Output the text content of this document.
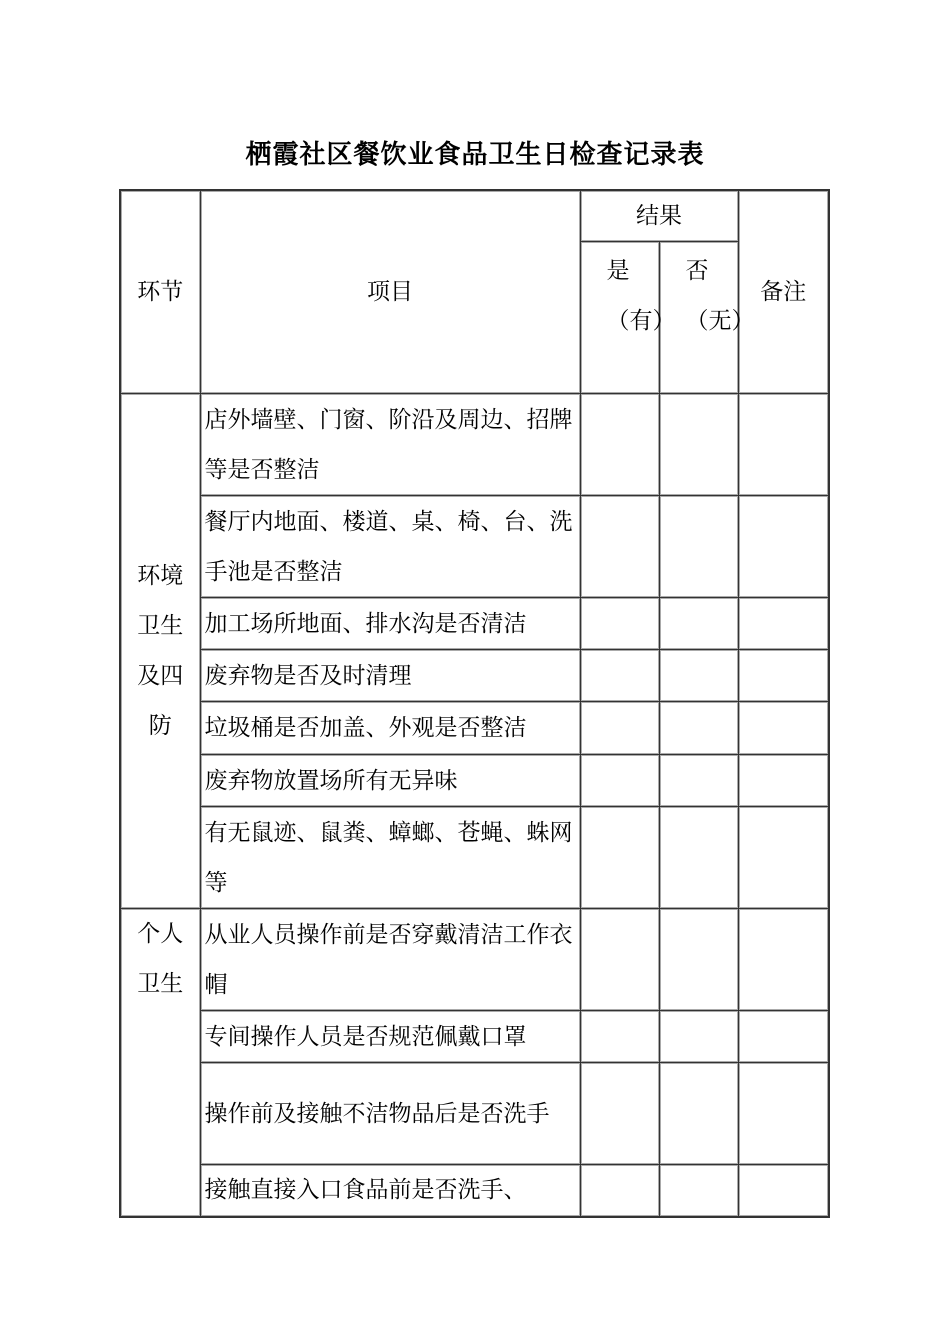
栖霞社区餐饮业食品卫生日检查记录表
环节	项目	结果		备注

		是（有）	否（无）	

环境卫生及四防	店外墙壁、门窗、阶沿及周边、招牌等是否整洁			
	餐厅内地面、楼道、桌、椅、台、洗手池是否整洁			
	加工场所地面、排水沟是否清洁			
	废弃物是否及时清理			
	垃圾桶是否加盖、外观是否整洁			
	废弃物放置场所有无异味			
	有无鼠迹、鼠粪、蟑螂、苍蝇、蛛网等			

个人卫生	从业人员操作前是否穿戴清洁工作衣帽			
	专间操作人员是否规范佩戴口罩			
	操作前及接触不洁物品后是否洗手			
	接触直接入口食品前是否洗手、			
